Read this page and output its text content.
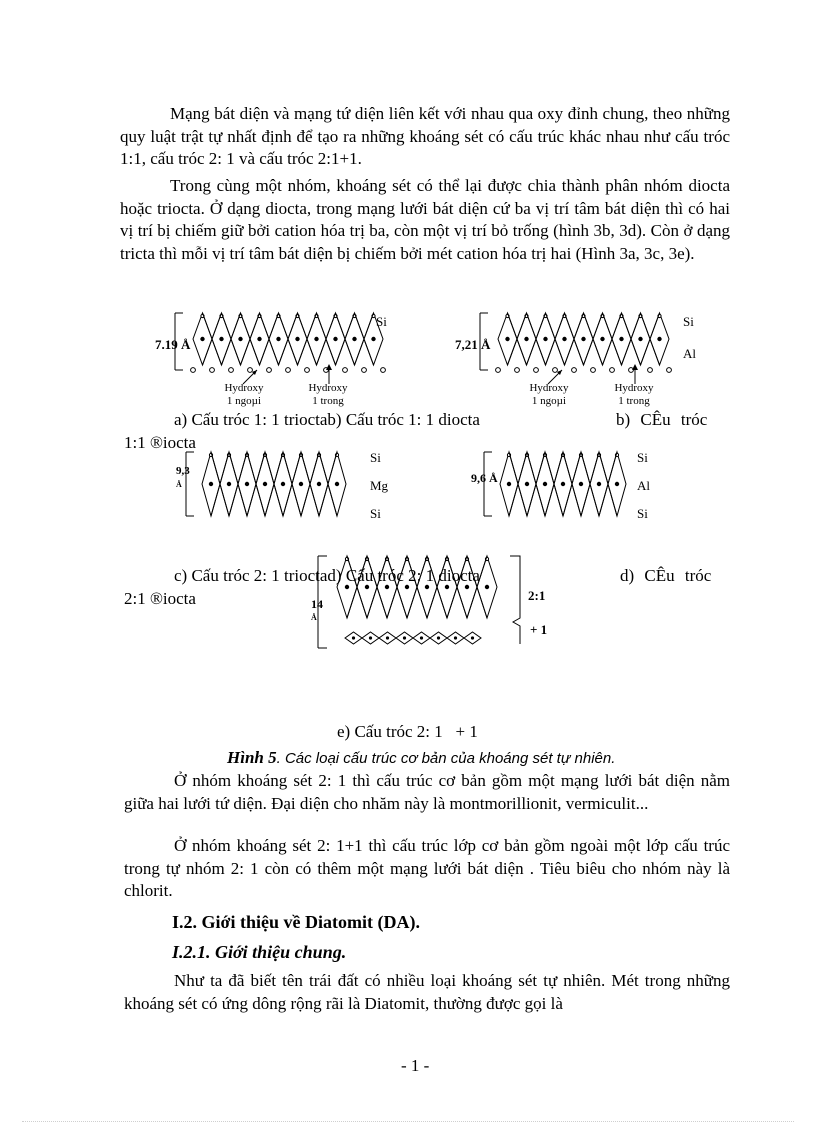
Mạng bát diện và mạng tứ diện liên kết với nhau qua oxy đỉnh chung, theo những quy luật trật tự nhất định để tạo ra những khoáng sét có cấu trúc khác nhau như cấu tróc 1:1, cấu tróc 2: 1 và cấu tróc 2:1+1.
Trong cùng một nhóm, khoáng sét có thể lại được chia thành phân nhóm diocta hoặc triocta. Ở dạng diocta, trong mạng lưới bát diện cứ ba vị trí tâm bát diện thì có hai vị trí bị chiếm giữ bởi cation hóa trị ba, còn một vị trí bỏ trống (hình 3b, 3d). Còn ở dạng tricta thì mỗi vị trí tâm bát diện bị chiếm bởi mét cation hóa trị hai (Hình 3a, 3c, 3e).
7.19 Å
Si
Hydroxy
1 ngoµi
Hydroxy
1 trong
7,21 Å
Si
Al
Hydroxy
1 ngoµi
Hydroxy
1 trong
a) Cấu tróc 1: 1 trioctab) Cấu tróc 1: 1 diocta	b) CÊu tróc
1:1 ®iocta
9,3
Å
Si
Mg
Si
9,6 Å
Si
Al
Si
14
Å
2:1
+ 1
c) Cấu tróc 2: 1 trioctad) Cấu tróc 2: 1 diocta	d) CÊu tróc
2:1 ®iocta
e) Cấu tróc 2: 1   + 1
Hình 5. Các loại cấu trúc cơ bản của khoáng sét tự nhiên.
Ở nhóm khoáng sét 2: 1 thì cấu trúc cơ bản gồm một mạng lưới bát diện nằm giữa hai lưới tứ diện. Đại diện cho nhăm này là montmorillionit, vermiculit...
Ở nhóm khoáng sét 2: 1+1 thì cấu trúc lớp cơ bản gồm ngoài một lớp cấu trúc trong tự nhóm 2: 1 còn có thêm một mạng lưới bát diện . Tiêu biêu cho nhóm này là chlorit.
I.2. Giới thiệu về Diatomit (DA).
I.2.1. Giới thiệu chung.
Như ta đã biết tên trái đất có nhiều loại khoáng sét tự nhiên. Mét trong những khoáng sét có ứng dông rộng rãi là Diatomit, thường được gọi là
- 1 -
